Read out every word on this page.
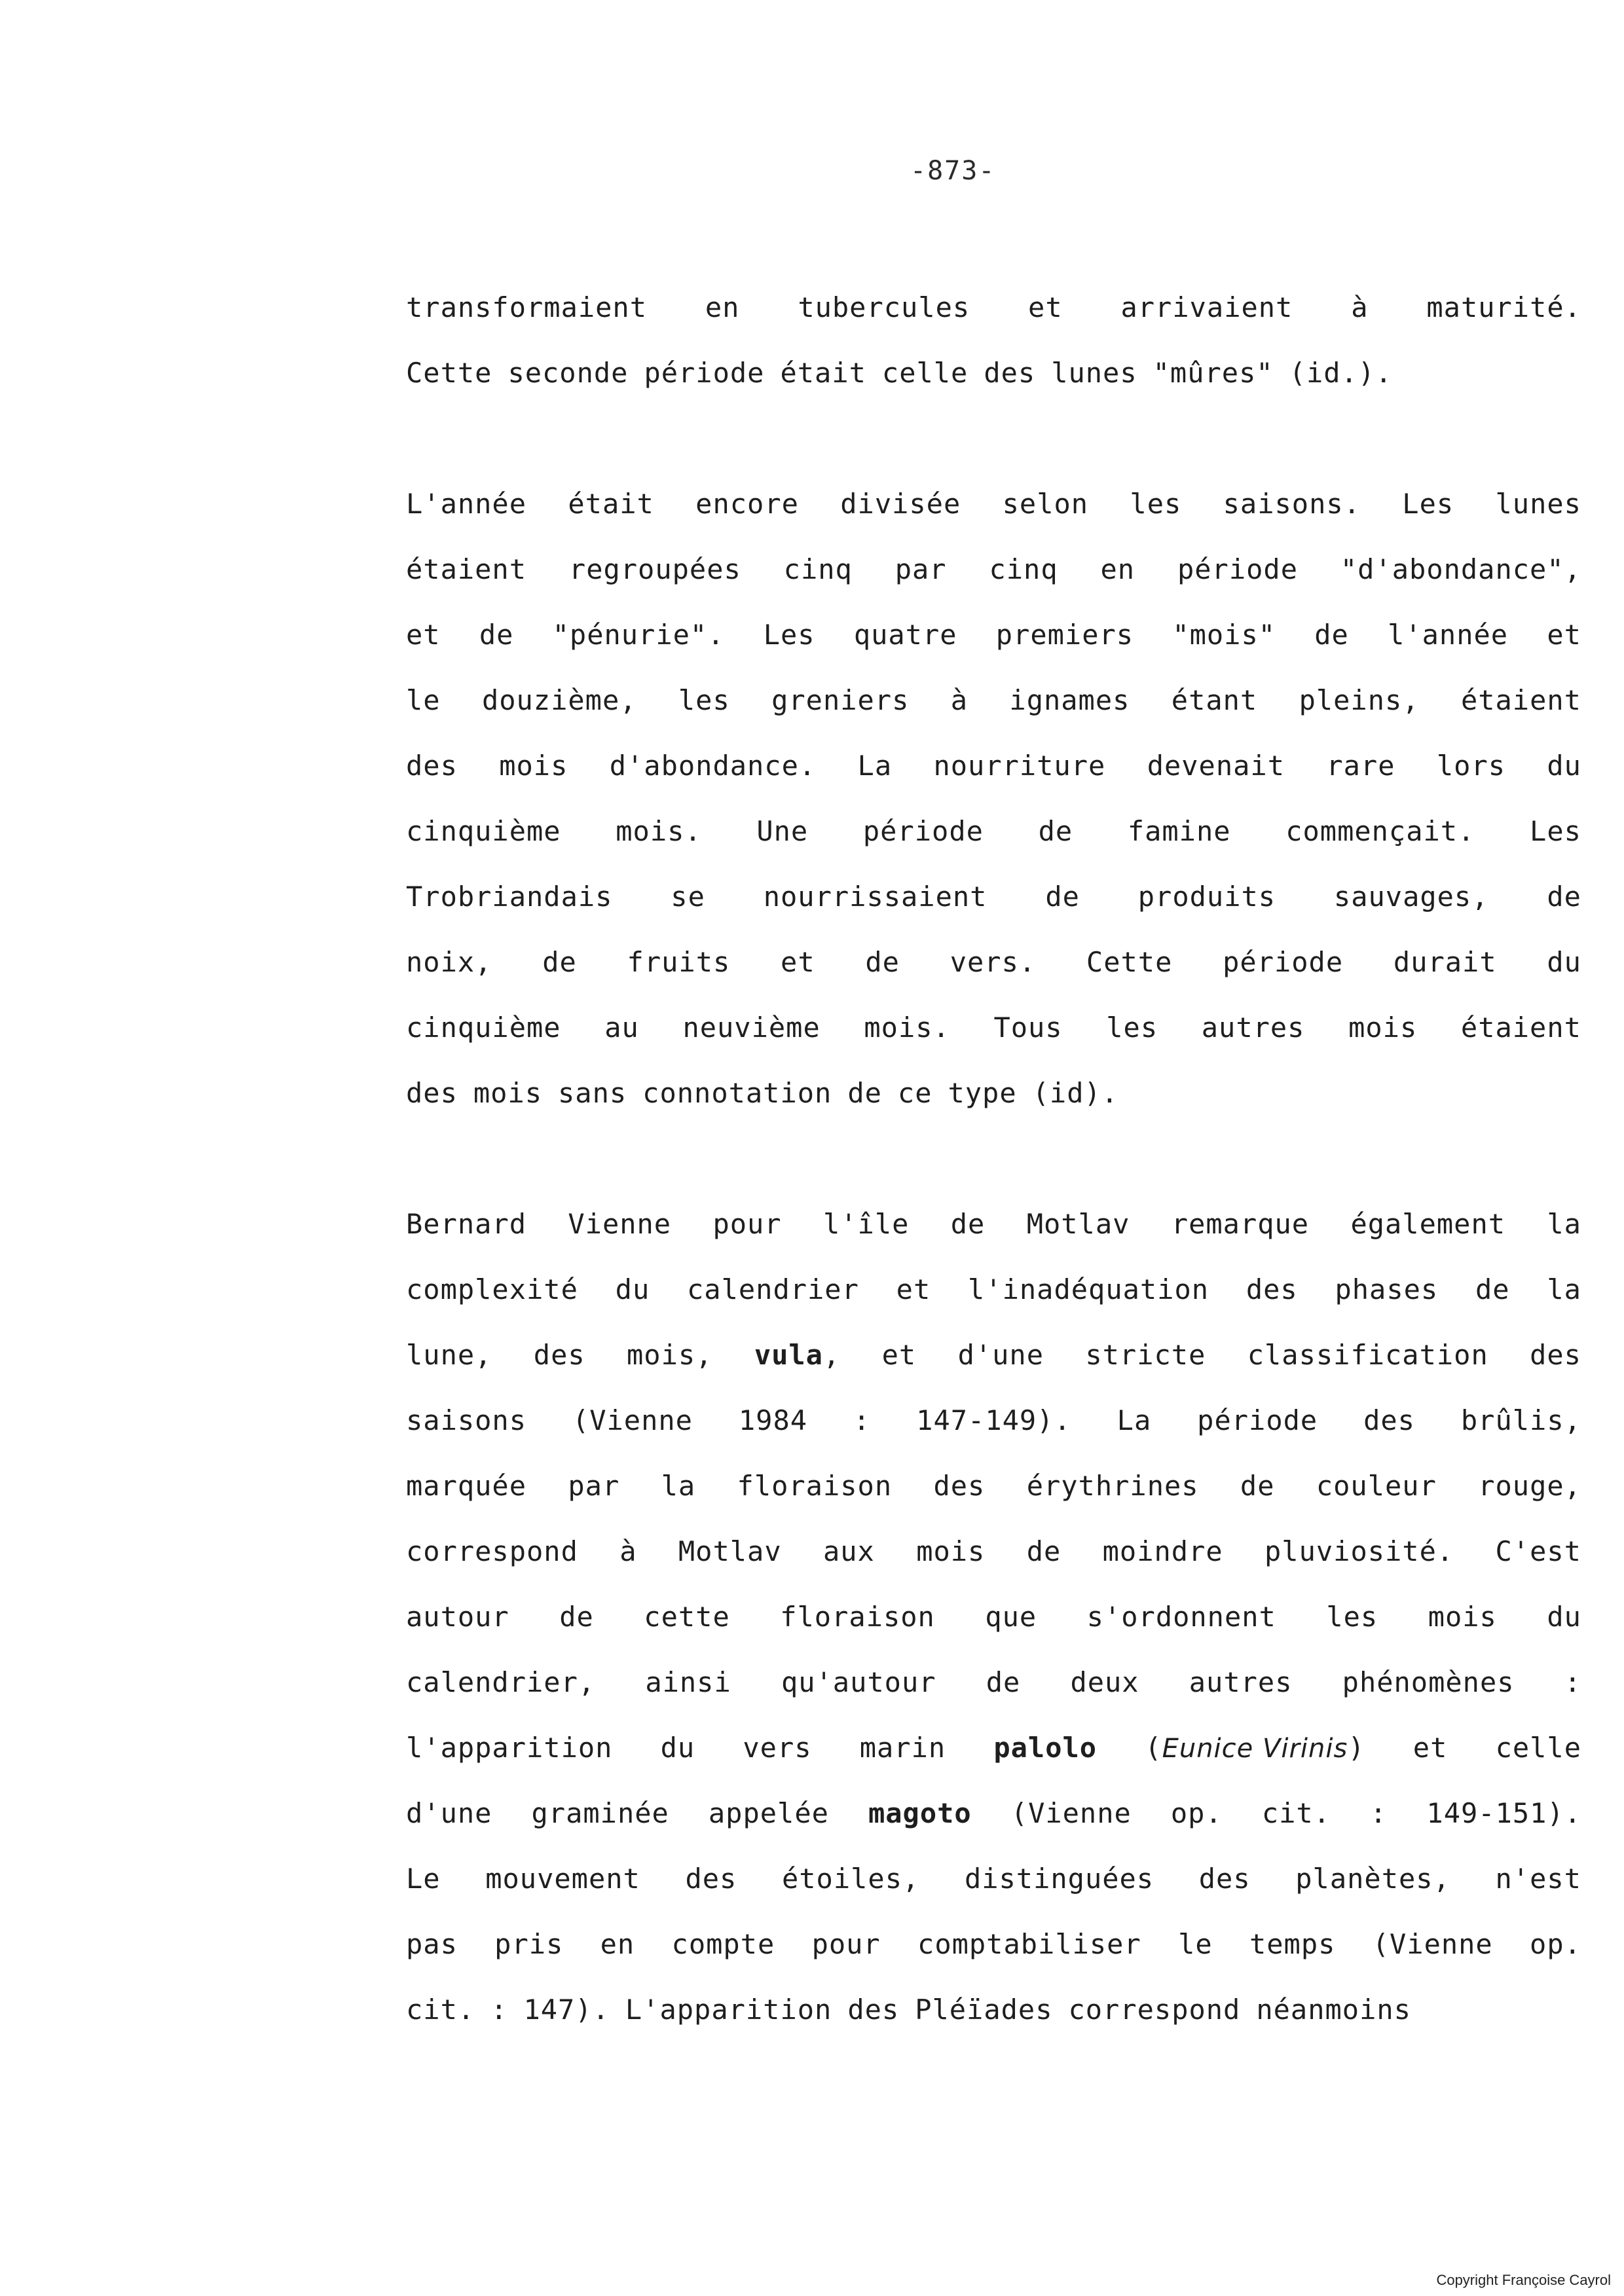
-873-
transformaient en tubercules et arrivaient à maturité.
Cette seconde période était celle des lunes "mûres" (id.).
L'année était encore divisée selon les saisons. Les lunes
étaient regroupées cinq par cinq en période "d'abondance",
et de "pénurie". Les quatre premiers "mois" de l'année et
le douzième, les greniers à ignames étant pleins, étaient
des mois d'abondance. La nourriture devenait rare lors du
cinquième mois. Une période de famine commençait. Les
Trobriandais se nourrissaient de produits sauvages, de
noix, de fruits et de vers. Cette période durait du
cinquième au neuvième mois. Tous les autres mois étaient
des mois sans connotation de ce type (id).
Bernard Vienne pour l'île de Motlav remarque également la
complexité du calendrier et l'inadéquation des phases de la
lune, des mois, vula, et d'une stricte classification des
saisons (Vienne 1984 : 147-149). La période des brûlis,
marquée par la floraison des érythrines de couleur rouge,
correspond à Motlav aux mois de moindre pluviosité. C'est
autour de cette floraison que s'ordonnent les mois du
calendrier, ainsi qu'autour de deux autres phénomènes :
l'apparition du vers marin palolo (Eunice Virinis) et celle
d'une graminée appelée magoto (Vienne op. cit. : 149-151).
Le mouvement des étoiles, distinguées des planètes, n'est
pas pris en compte pour comptabiliser le temps (Vienne op.
cit. : 147). L'apparition des Pléïades correspond néanmoins
Copyright Françoise Cayrol
